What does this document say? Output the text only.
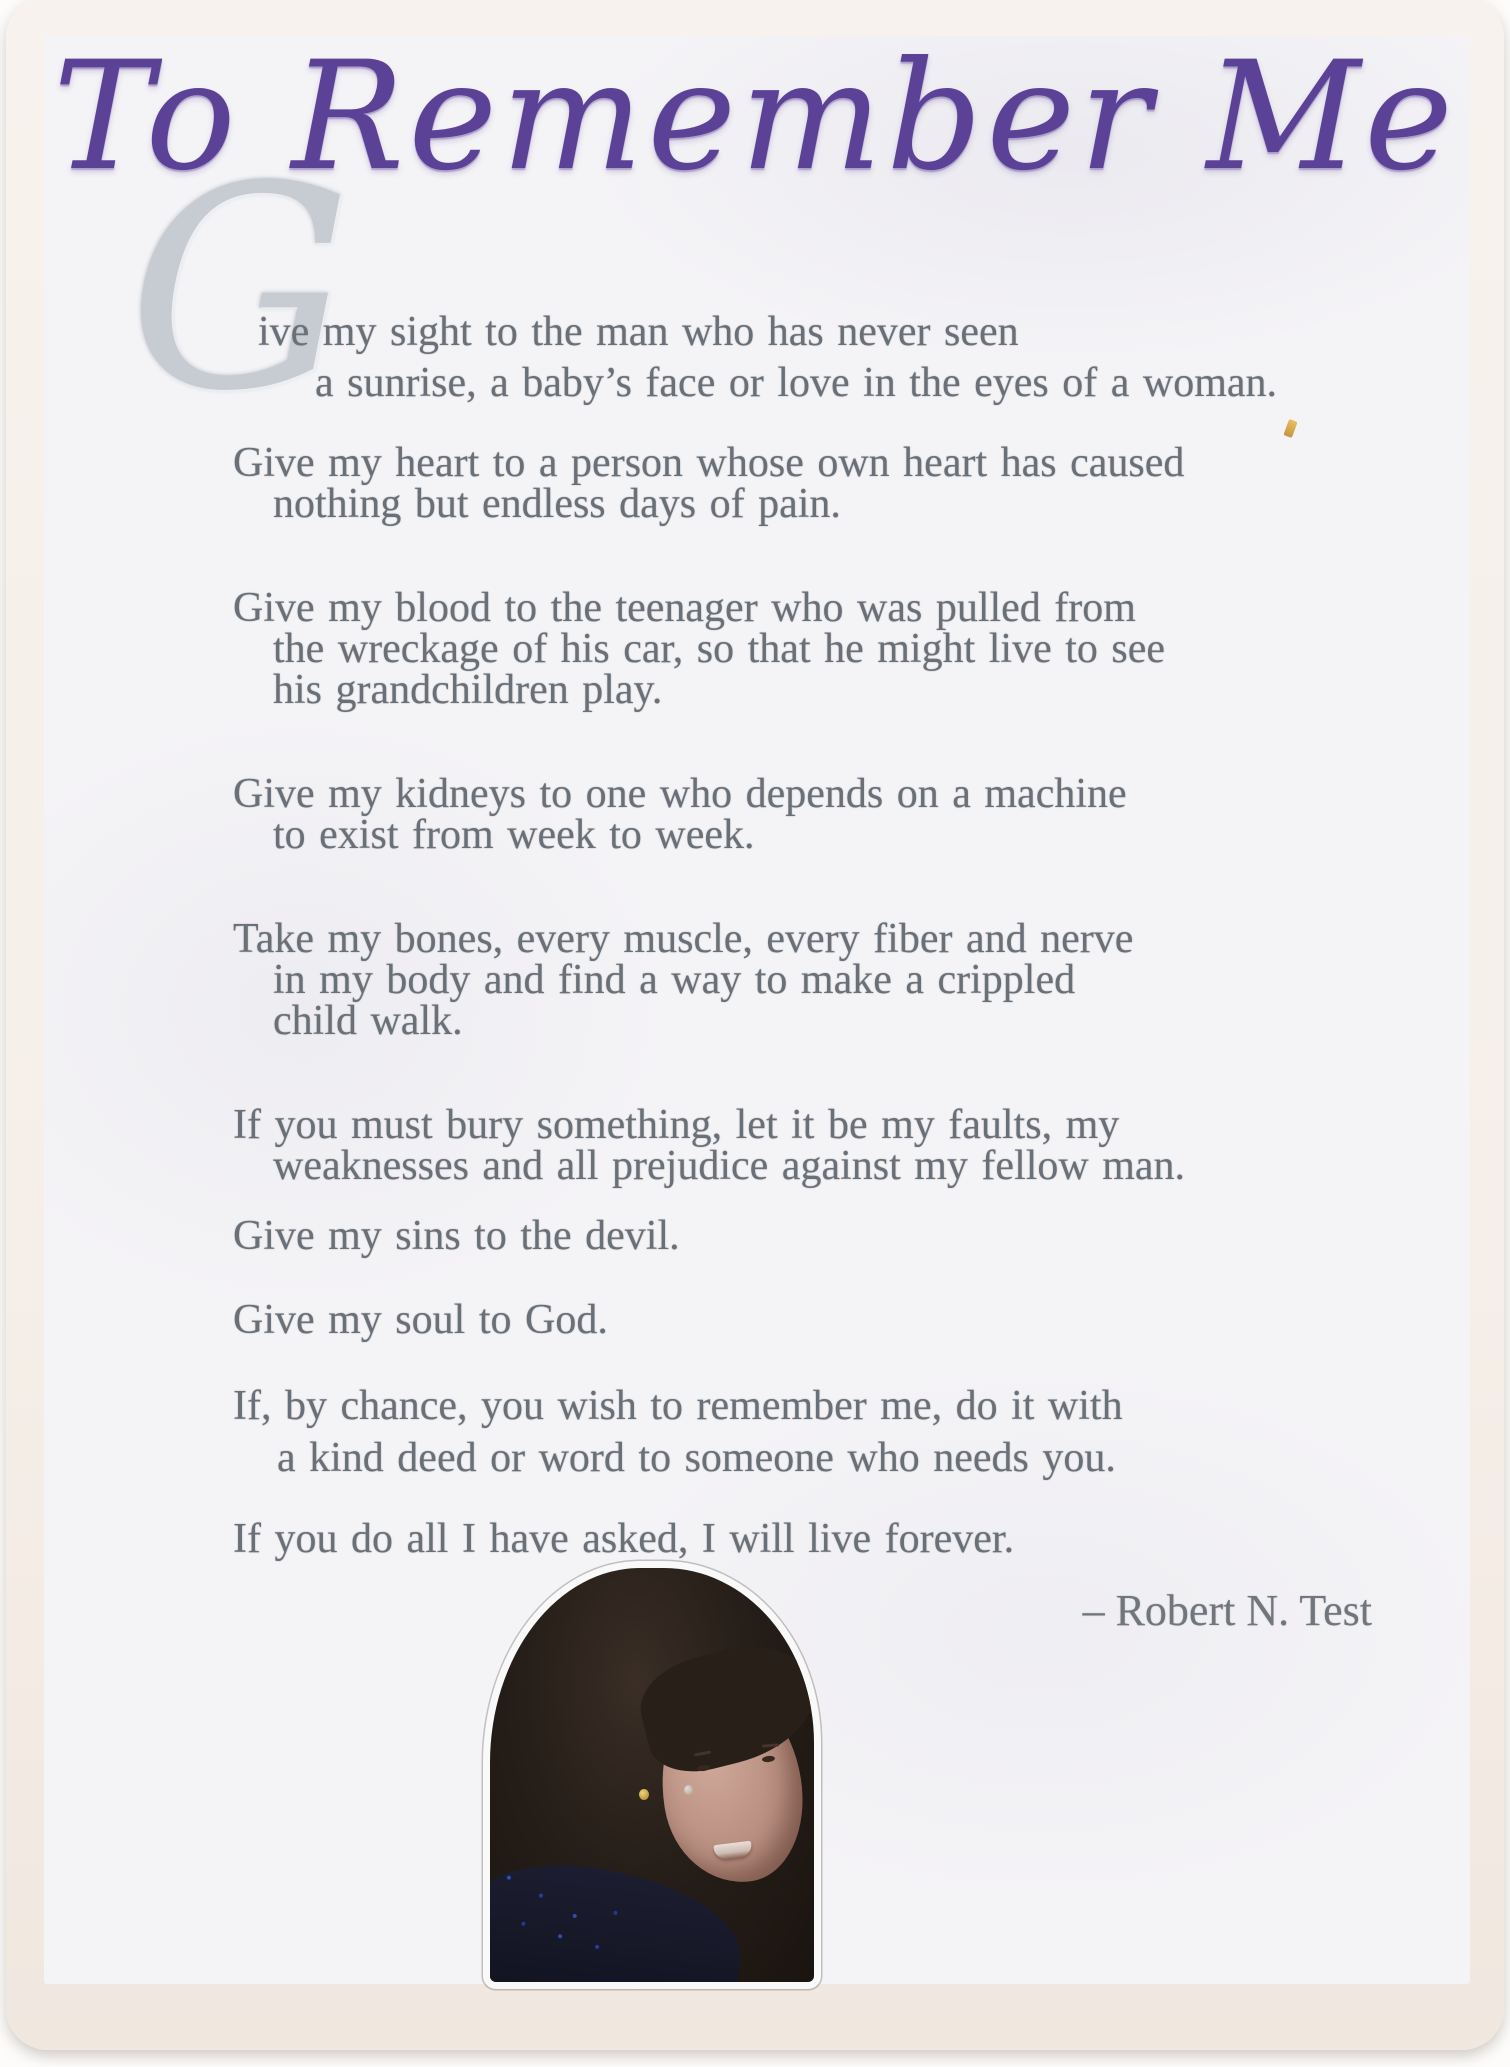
To Remember Me
G
ive my sight to the man who has never seen
a sunrise, a baby’s face or love in the eyes of a woman.
Give my heart to a person whose own heart has caused
nothing but endless days of pain.
Give my blood to the teenager who was pulled from
the wreckage of his car, so that he might live to see
his grandchildren play.
Give my kidneys to one who depends on a machine
to exist from week to week.
Take my bones, every muscle, every fiber and nerve
in my body and find a way to make a crippled
child walk.
If you must bury something, let it be my faults, my
weaknesses and all prejudice against my fellow man.
Give my sins to the devil.
Give my soul to God.
If, by chance, you wish to remember me, do it with
a kind deed or word to someone who needs you.
If you do all I have asked, I will live forever.
– Robert N. Test
